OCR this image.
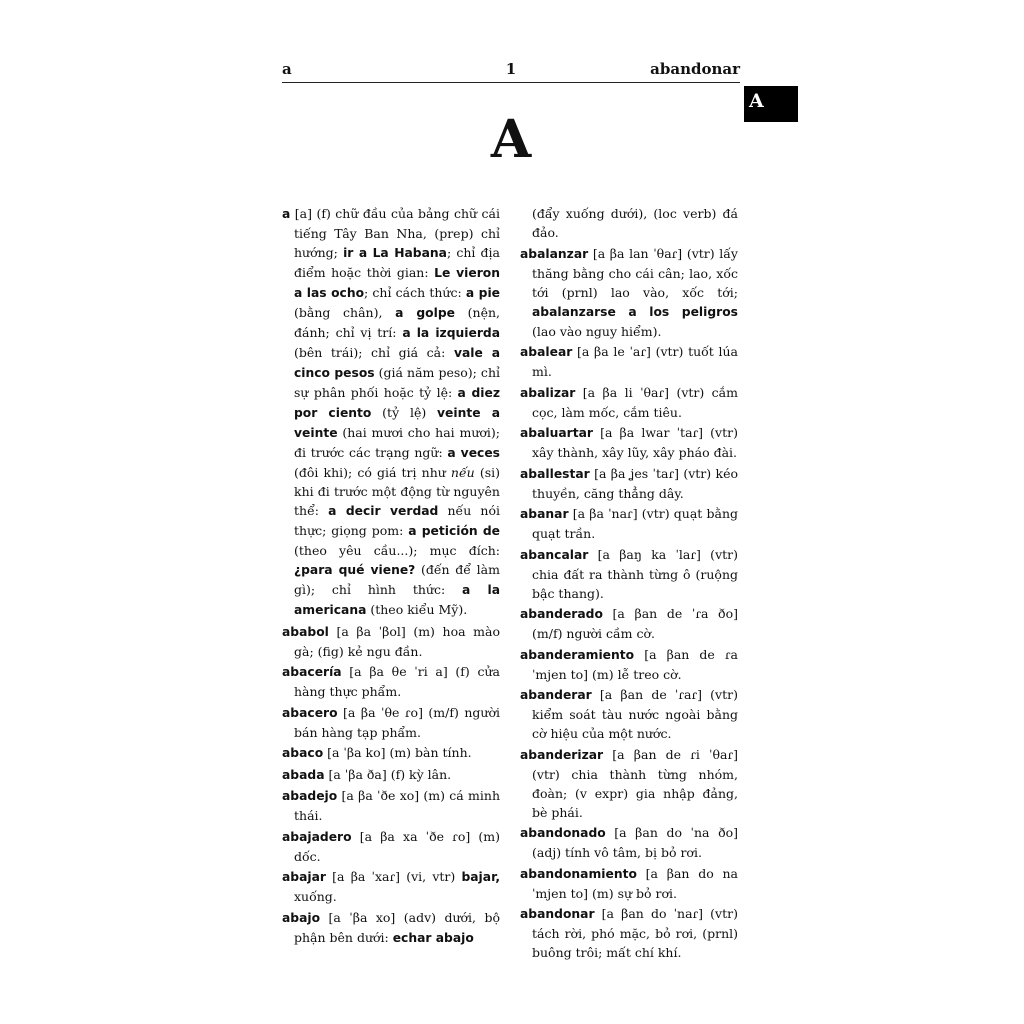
a	1	abandonar
A
A

a [a] (f) chữ đầu của bảng chữ cái tiếng Tây Ban Nha, (prep) chỉ hướng; ir a La Habana; chỉ địa điểm hoặc thời gian: Le vieron a las ocho; chỉ cách thức: a pie (bằng chân), a golpe (nện, đánh; chỉ vị trí: a la izquierda (bên trái); chỉ giá cả: vale a cinco pesos (giá năm peso); chỉ sự phân phối hoặc tỷ lệ: a diez por ciento (tỷ lệ) veinte a veinte (hai mươi cho hai mươi); đi trước các trạng ngữ: a veces (đôi khi); có giá trị như nếu (si) khi đi trước một động từ nguyên thể: a decir verdad nếu nói thực; giọng pom: a petición de (theo yêu cầu...); mục đích: ¿para qué viene? (đến để làm gì); chỉ hình thức: a la americana (theo kiểu Mỹ).

ababol [a βa ˈβol] (m) hoa mào gà; (fig) kẻ ngu đần.

abacería [a βa θe ˈri a] (f) cửa hàng thực phẩm.

abacero [a βa ˈθe ɾo] (m/f) người bán hàng tạp phẩm.

abaco [a ˈβa ko] (m) bàn tính.

abada [a ˈβa ða] (f) kỳ lân.

abadejo [a βa ˈðe xo] (m) cá minh thái.

abajadero [a βa xa ˈðe ɾo] (m) dốc.

abajar [a βa ˈxaɾ] (vi, vtr) bajar, xuống.

abajo [a ˈβa xo] (adv) dưới, bộ phận bên dưới: echar abajo

(đẩy xuống dưới), (loc verb) đá đảo.

abalanzar [a βa lan ˈθaɾ] (vtr) lấy thăng bằng cho cái cân; lao, xốc tới (prnl) lao vào, xốc tới; abalanzarse a los peligros (lao vào nguy hiểm).

abalear [a βa le ˈaɾ] (vtr) tuốt lúa mì.

abalizar [a βa li ˈθaɾ] (vtr) cắm cọc, làm mốc, cắm tiêu.

abaluartar [a βa lwar ˈtaɾ] (vtr) xây thành, xây lũy, xây pháo đài.

aballestar [a βa ʝes ˈtaɾ] (vtr) kéo thuyền, căng thẳng dây.

abanar [a βa ˈnaɾ] (vtr) quạt bằng quạt trần.

abancalar [a βaŋ ka ˈlaɾ] (vtr) chia đất ra thành từng ô (ruộng bậc thang).

abanderado [a βan de ˈɾa ðo] (m/f) người cầm cờ.

abanderamiento [a βan de ɾa ˈmjen to] (m) lễ treo cờ.

abanderar [a βan de ˈɾaɾ] (vtr) kiểm soát tàu nước ngoài bằng cờ hiệu của một nước.

abanderizar [a βan de ɾi ˈθaɾ] (vtr) chia thành từng nhóm, đoàn; (v expr) gia nhập đảng, bè phái.

abandonado [a βan do ˈna ðo] (adj) tính vô tâm, bị bỏ rơi.

abandonamiento [a βan do na ˈmjen to] (m) sự bỏ rơi.

abandonar [a βan do ˈnaɾ] (vtr) tách rời, phó mặc, bỏ rơi, (prnl) buông trôi; mất chí khí.
